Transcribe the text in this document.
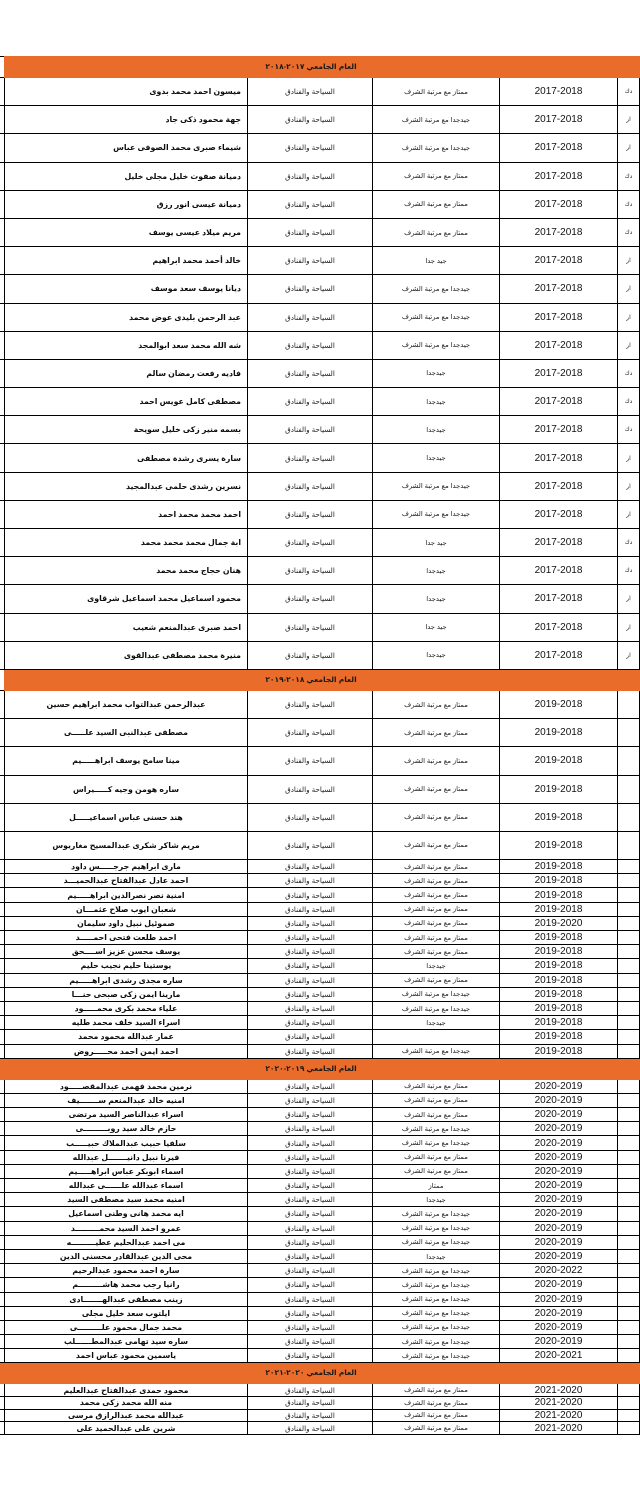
	العام الجامعي ٢٠١٧-٢٠١٨				
دك	2017-2018	ممتاز مع مرتبة الشرف	السياحة والفنادق	ميسون احمد محمد بدوى	
ار	2017-2018	جيدجدا مع مرتبة الشرف	السياحة والفنادق	جهة محمود ذكى جاد	
ار	2017-2018	جيدجدا مع مرتبة الشرف	السياحة والفنادق	شيماء صبرى محمد الصوفى عباس	
دك	2017-2018	ممتاز مع مرتبة الشرف	السياحة والفنادق	دميانة صفوت خليل مجلى خليل	
دك	2017-2018	ممتاز مع مرتبة الشرف	السياحة والفنادق	دميانة عيسى انور رزق	
دك	2017-2018	ممتاز مع مرتبة الشرف	السياحة والفنادق	مريم ميلاد عيسى يوسف	
ار	2017-2018	جيد جدا	السياحة والفنادق	خالد أحمد محمد ابراهيم	
ار	2017-2018	جيدجدا مع مرتبة الشرف	السياحة والفنادق	ديانا يوسف سعد موسف	
ار	2017-2018	جيدجدا مع مرتبة الشرف	السياحة والفنادق	عبد الرحمن بليدى عوض محمد	
ار	2017-2018	جيدجدا مع مرتبة الشرف	السياحة والفنادق	شه الله محمد سعد ابوالمجد	
دك	2017-2018	جيدجدا	السياحة والفنادق	فاديه رفعت رمضان سالم	
دك	2017-2018	جيدجدا	السياحة والفنادق	مصطفى كامل عويس احمد	
دك	2017-2018	جيدجدا	السياحة والفنادق	بسمه منير زكى خليل سويحة	
ار	2017-2018	جيدجدا	السياحة والفنادق	سارة يسرى رشدة مصطفى	
ار	2017-2018	جيدجدا مع مرتبة الشرف	السياحة والفنادق	نسرين رشدى حلمى عبدالمجيد	
ار	2017-2018	جيدجدا مع مرتبة الشرف	السياحة والفنادق	احمد محمد محمد احمد	
دك	2017-2018	جيد جدا	السياحة والفنادق	ابة جمال محمد محمد محمد	
دك	2017-2018	جيدجدا	السياحة والفنادق	هنان حجاج محمد محمد	
ار	2017-2018	جيدجدا	السياحة والفنادق	محمود اسماعيل محمد اسماعيل شرقاوى	
ار	2017-2018	جيد جدا	السياحة والفنادق	احمد صبرى عبدالمنعم شعيب	
ار	2017-2018	جيدجدا	السياحة والفنادق	منيرة محمد مصطفى عبدالقوى	
	العام الجامعي ٢٠١٨-٢٠١٩				
	2019-2018	ممتاز مع مرتبة الشرف	السياحة والفنادق	عبدالرحمن عبدالتواب محمد ابراهيم حسين	
	2019-2018	ممتاز مع مرتبة الشرف	السياحة والفنادق	مصطفى عبدالنبى السيد علـــــى	
	2019-2018	ممتاز مع مرتبة الشرف	السياحة والفنادق	مينا سامح يوسف ابراهـــــيم	
	2019-2018	ممتاز مع مرتبة الشرف	السياحة والفنادق	ساره هومن وجيه كـــــيراس	
	2019-2018	ممتاز مع مرتبة الشرف	السياحة والفنادق	هند حسنى عباس اسماعيـــــل	
	2019-2018	ممتاز مع مرتبة الشرف	السياحة والفنادق	مريم شاكر شكرى عبدالمسيح مغاريوس	
	2019-2018	ممتاز مع مرتبة الشرف	السياحة والفنادق	مارى ابراهيم جرجـــــس داود	
	2019-2018	ممتاز مع مرتبة الشرف	السياحة والفنادق	احمد عادل عبدالفتاح عبدالحميـــد	
	2019-2018	ممتاز مع مرتبة الشرف	السياحة والفنادق	امنية نصر نصرالدين ابراهـــــيم	
	2019-2018	ممتاز مع مرتبة الشرف	السياحة والفنادق	شعبان ايوب صلاح عثمـــان	
	2019-2020	ممتاز مع مرتبة الشرف	السياحة والفنادق	صموئيل نبيل داود سليمان	
	2019-2018	ممتاز مع مرتبة الشرف	السياحة والفنادق	احمد طلعت فتحى احمـــــد	
	2019-2018	ممتاز مع مرتبة الشرف	السياحة والفنادق	يوسف محسن عزيز اســــحق	
	2019-2018	جيدجدا	السياحة والفنادق	يوستينا حليم نجيب حليم	
	2019-2018	ممتاز مع مرتبة الشرف	السياحة والفنادق	ساره مجدى رشدى ابراهـــــيم	
	2019-2018	جيدجدا مع مرتبة الشرف	السياحة والفنادق	مارينا ايمن زكى صبحى حنـــا	
	2019-2018	جيدجدا مع مرتبة الشرف	السياحة والفنادق	علياء محمد بكرى محمـــــود	
	2019-2018	جيدجدا	السياحة والفنادق	اسراء السيد خلف محمد طليه	
	2019-2018		السياحة والفنادق	عمار عبدالله محمود محمد	
	2019-2018	جيدجدا مع مرتبة الشرف	السياحة والفنادق	احمد ايمن احمد محـــــروض	
	العام الجامعي ٢٠١٩-٢٠٢٠				
	2020-2019	ممتاز مع مرتبة الشرف	السياحة والفنادق	نرمين محمد فهمى عبدالمقصـــــود	
	2020-2019	ممتاز مع مرتبة الشرف	السياحة والفنادق	امنيه خالد عبدالمنعم ســـــــيف	
	2020-2019	ممتاز مع مرتبة الشرف	السياحة والفنادق	اسراء عبدالناصر السيد مرتضى	
	2020-2019	جيدجدا مع مرتبة الشرف	السياحة والفنادق	حازم خالد سيد روبـــــــــى	
	2020-2019	جيدجدا مع مرتبة الشرف	السياحة والفنادق	سلفيا حبيب عبدالملاك حبيـــــب	
	2020-2019	ممتاز مع مرتبة الشرف	السياحة والفنادق	فيرنا نبيل دانيـــــــل عبدالله	
	2020-2019	ممتاز مع مرتبة الشرف	السياحة والفنادق	اسماء ابوبكر عباس ابراهـــــيم	
	2020-2019	ممتاز	السياحة والفنادق	اسماء عبدالله علــــــى عبدالله	
	2020-2019	جيدجدا	السياحة والفنادق	امنيه محمد سيد مصطفى السيد	
	2020-2019	جيدجدا مع مرتبة الشرف	السياحة والفنادق	ايه محمد هانى وطنى اسماعيل	
	2020-2019	جيدجدا مع مرتبة الشرف	السياحة والفنادق	عمرو احمد السيد محمـــــــــد	
	2020-2019	جيدجدا مع مرتبة الشرف	السياحة والفنادق	مى احمد عبدالحليم عطيـــــــــه	
	2020-2019	جيدجدا	السياحة والفنادق	محى الدين عبدالقادر محسنى الدين	
	2020-2022	جيدجدا مع مرتبة الشرف	السياحة والفنادق	سارة احمد محمود عبدالرحيم	
	2020-2019	جيدجدا مع مرتبة الشرف	السياحة والفنادق	رانيا رجب محمد هاشـــــــــم	
	2020-2019	جيدجدا مع مرتبة الشرف	السياحة والفنادق	زينب مصطفى عبدالهـــــــادى	
	2020-2019	جيدجدا مع مرتبة الشرف	السياحة والفنادق	ايلتوب سعد خليل مجلى	
	2020-2019	جيدجدا مع مرتبة الشرف	السياحة والفنادق	محمد جمال محمود علـــــــــى	
	2020-2019	جيدجدا مع مرتبة الشرف	السياحة والفنادق	ساره سيد تهامى عبدالمطــــــلب	
	2020-2021	جيدجدا مع مرتبة الشرف	السياحة والفنادق	ياسمين محمود عباس احمد	
	العام الجامعي ٢٠٢٠-٢٠٢١				
	2021-2020	ممتاز مع مرتبة الشرف	السياحة والفنادق	محمود حمدى عبدالفتاح عبدالعليم	
	2021-2020	ممتاز مع مرتبة الشرف	السياحة والفنادق	منه الله محمد زكى محمد	
	2021-2020	ممتاز مع مرتبة الشرف	السياحة والفنادق	عبدالله محمد عبدالرازق مرسى	
	2021-2020	ممتاز مع مرتبة الشرف	السياحة والفنادق	شرين على عبدالحميد على	
